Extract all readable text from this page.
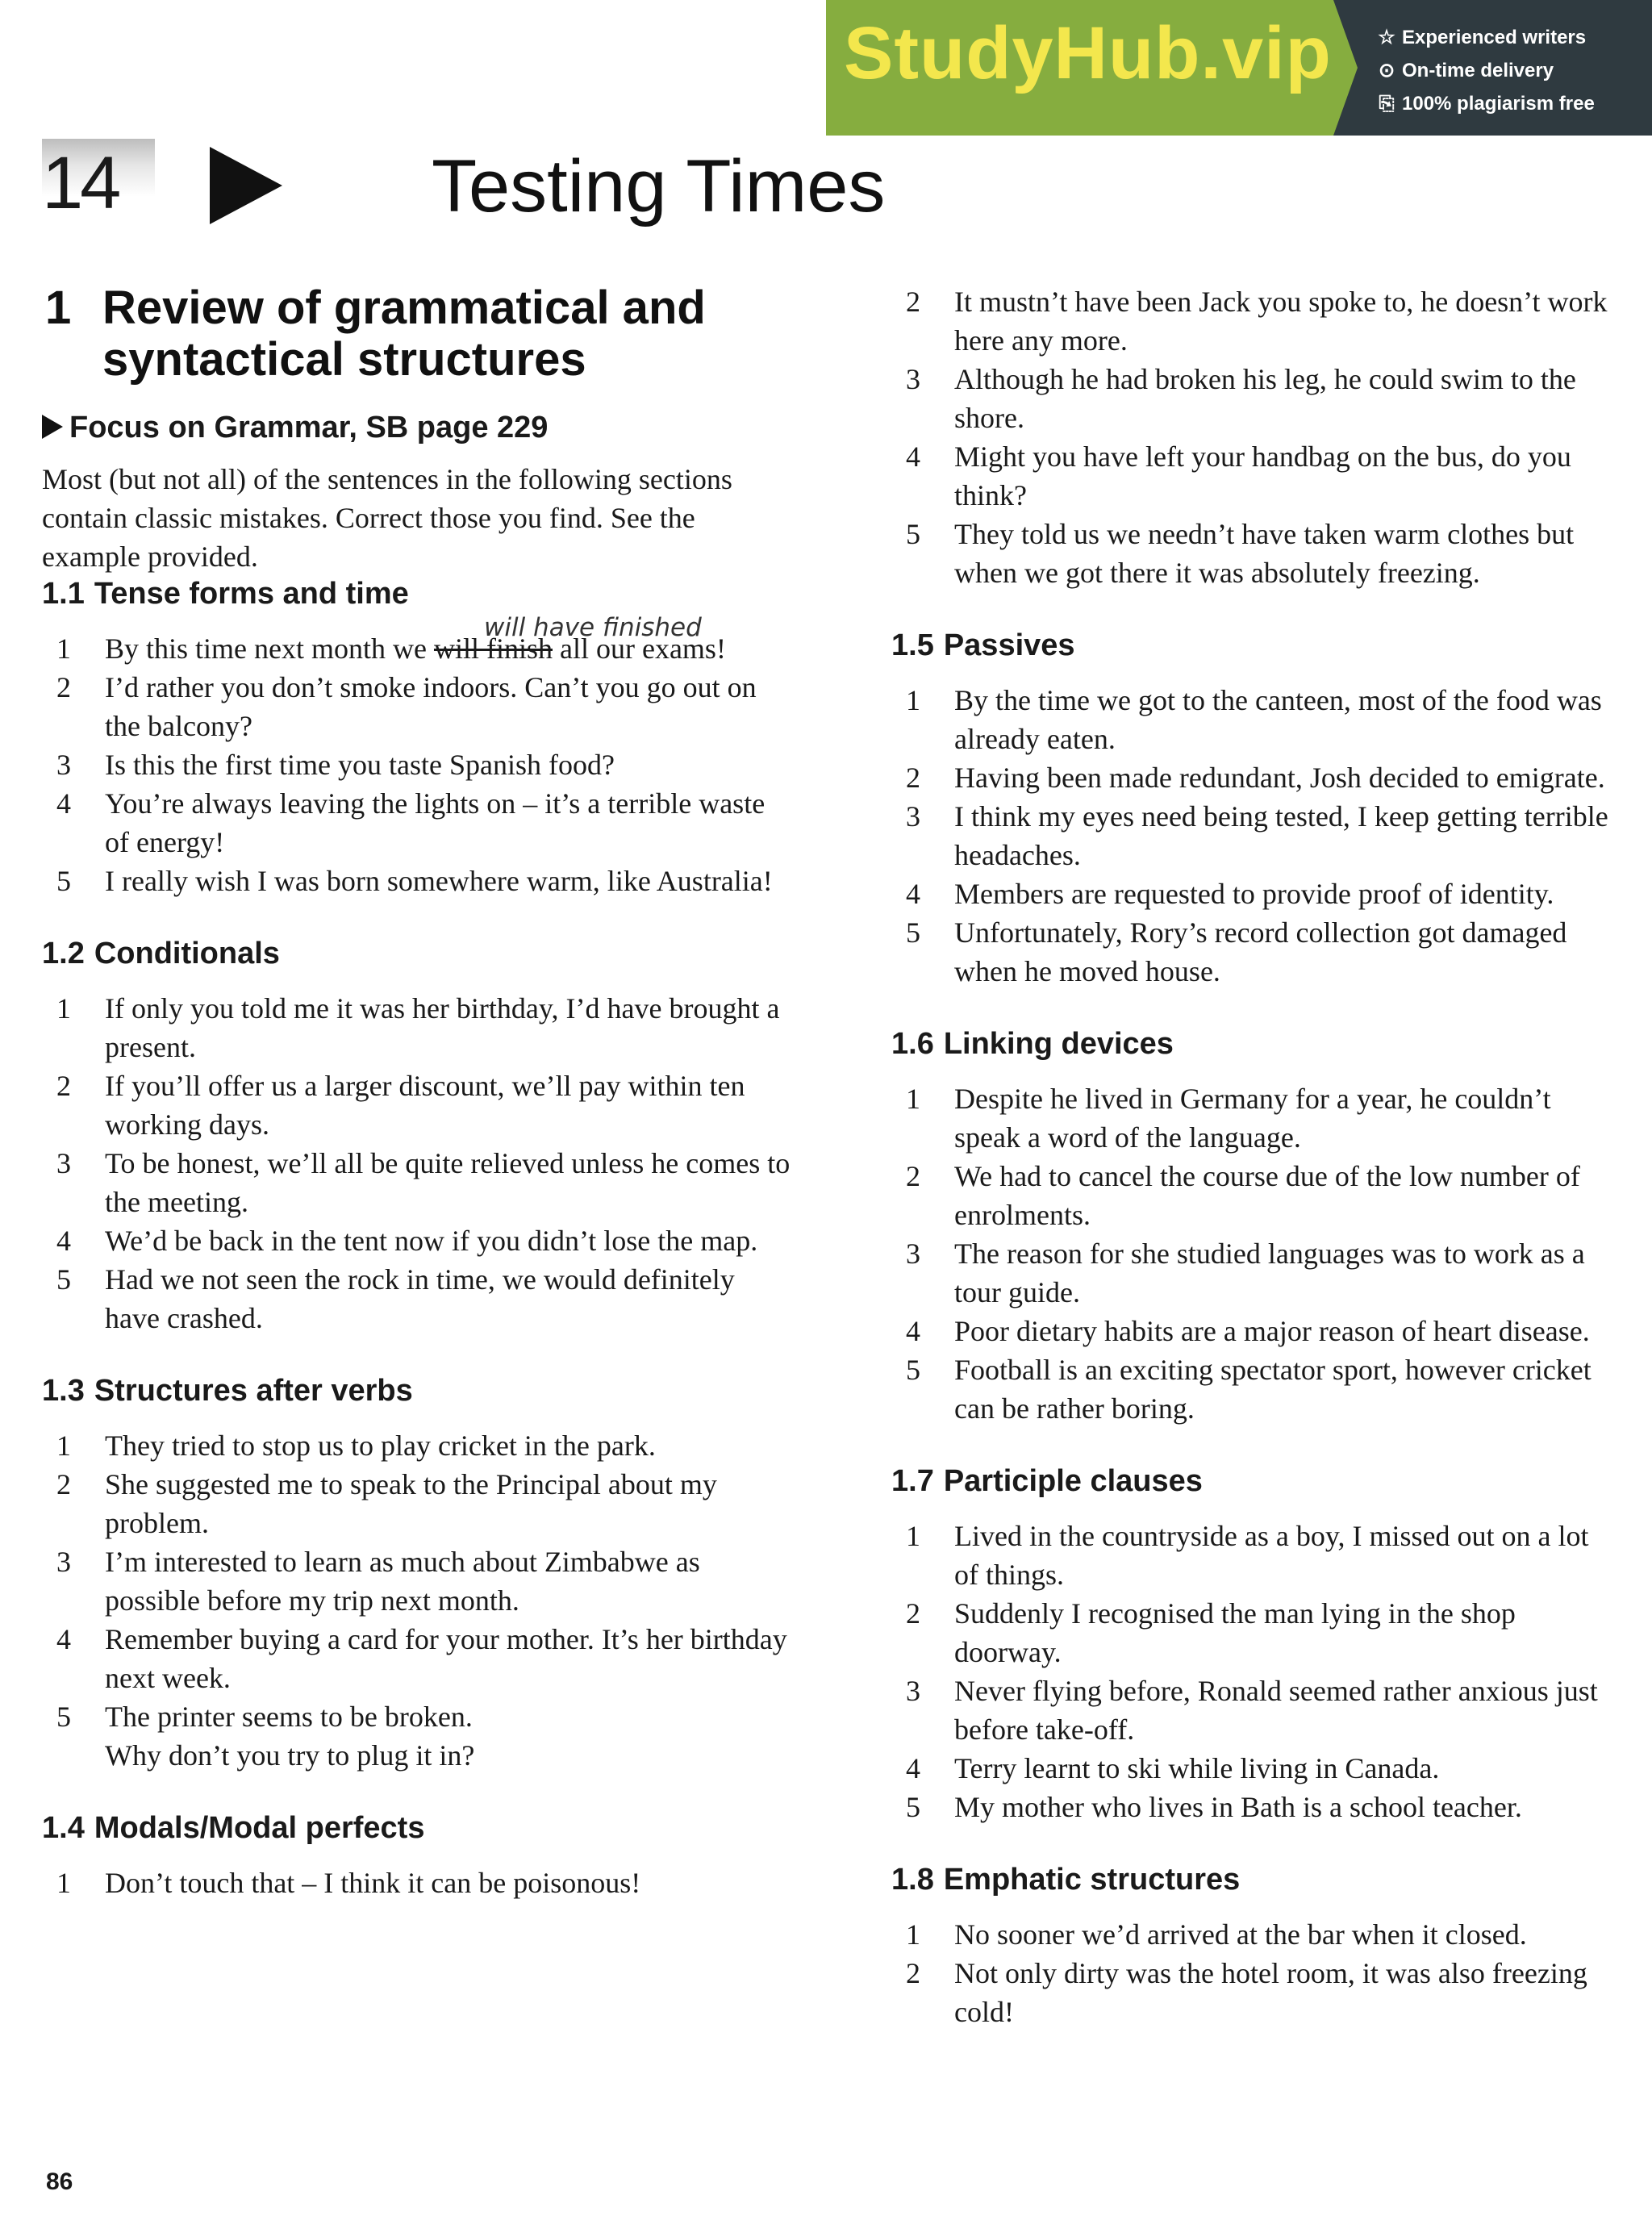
StudyHub.vip ☆ Experienced writers
⊙ On-time delivery
⎘ 100% plagiarism free
14	Testing Times
1 Review of grammatical and syntactical structures
Focus on Grammar, SB page 229

Most (but not all) of the sentences in the following sections contain classic mistakes. Correct those you find. See the example provided.

1.1 Tense forms and time
will have finished
1 By this time next month we will finish all our exams!
2 I’d rather you don’t smoke indoors. Can’t you go out on the balcony?
3 Is this the first time you taste Spanish food?
4 You’re always leaving the lights on – it’s a terrible waste of energy!
5 I really wish I was born somewhere warm, like Australia!
1.2 Conditionals
1 If only you told me it was her birthday, I’d have brought a present.
2 If you’ll offer us a larger discount, we’ll pay within ten working days.
3 To be honest, we’ll all be quite relieved unless he comes to the meeting.
4 We’d be back in the tent now if you didn’t lose the map.
5 Had we not seen the rock in time, we would definitely have crashed.
1.3 Structures after verbs
1 They tried to stop us to play cricket in the park.
2 She suggested me to speak to the Principal about my problem.
3 I’m interested to learn as much about Zimbabwe as possible before my trip next month.
4 Remember buying a card for your mother. It’s her birthday next week.
5 The printer seems to be broken.
Why don’t you try to plug it in?
1.4 Modals/Modal perfects
1 Don’t touch that – I think it can be poisonous!
2 It mustn’t have been Jack you spoke to, he doesn’t work here any more.
3 Although he had broken his leg, he could swim to the shore.
4 Might you have left your handbag on the bus, do you think?
5 They told us we needn’t have taken warm clothes but when we got there it was absolutely freezing.
1.5 Passives
1 By the time we got to the canteen, most of the food was already eaten.
2 Having been made redundant, Josh decided to emigrate.
3 I think my eyes need being tested, I keep getting terrible headaches.
4 Members are requested to provide proof of identity.
5 Unfortunately, Rory’s record collection got damaged when he moved house.
1.6 Linking devices
1 Despite he lived in Germany for a year, he couldn’t speak a word of the language.
2 We had to cancel the course due of the low number of enrolments.
3 The reason for she studied languages was to work as a tour guide.
4 Poor dietary habits are a major reason of heart disease.
5 Football is an exciting spectator sport, however cricket can be rather boring.
1.7 Participle clauses
1 Lived in the countryside as a boy, I missed out on a lot of things.
2 Suddenly I recognised the man lying in the shop doorway.
3 Never flying before, Ronald seemed rather anxious just before take-off.
4 Terry learnt to ski while living in Canada.
5 My mother who lives in Bath is a school teacher.
1.8 Emphatic structures
1 No sooner we’d arrived at the bar when it closed.
2 Not only dirty was the hotel room, it was also freezing cold!
86
